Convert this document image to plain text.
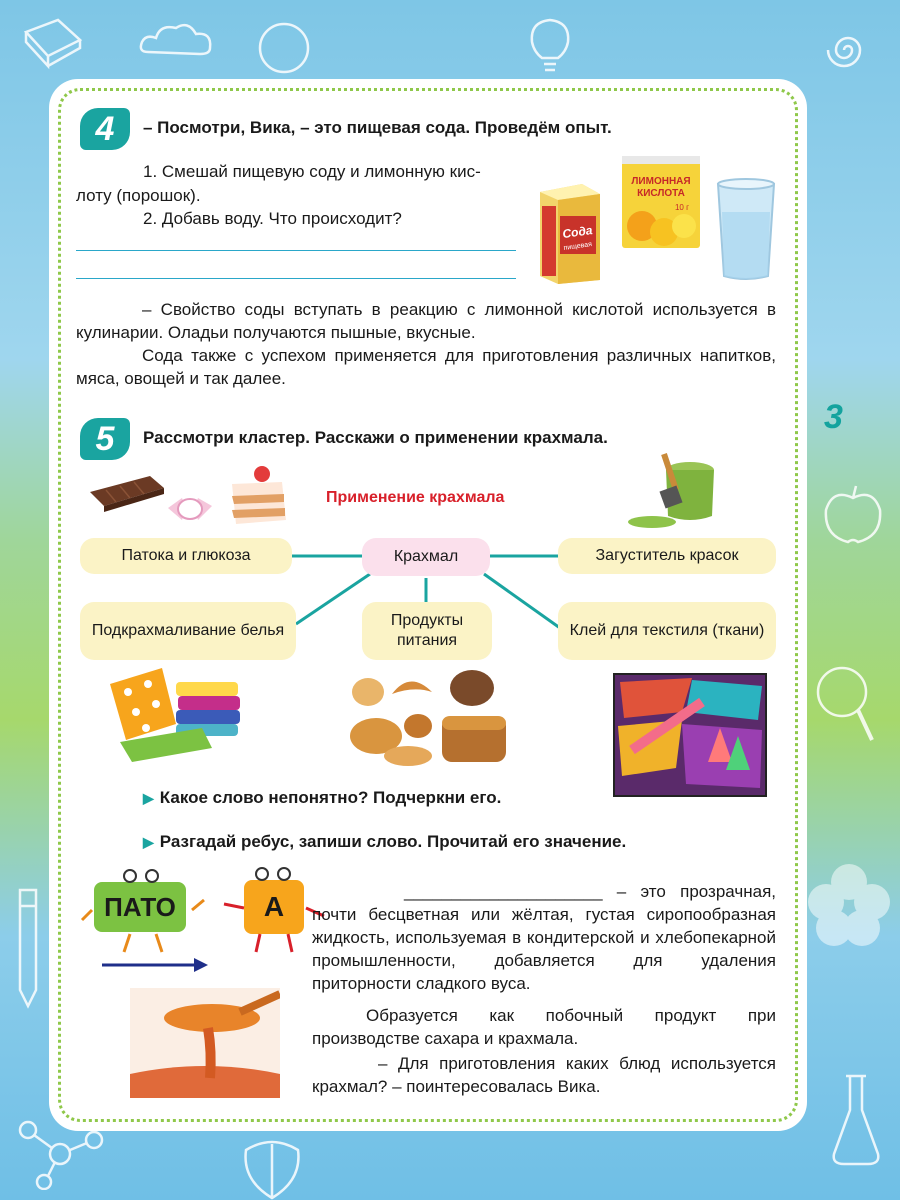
4	– Посмотри, Вика, – это пищевая сода. Проведём опыт.
1. Смешай пищевую соду и лимонную кис-
лоту (порошок).
2. Добавь воду. Что происходит?
Сода
пищевая
ЛИМОННАЯ
КИСЛОТА
10 г
– Свойство соды вступать в реакцию с лимонной кислотой используется в кулинарии. Оладьи получаются пышные, вкусные.
Сода также с успехом применяется для приготовления различных напитков, мяса, овощей и так далее.
3
5	Рассмотри кластер. Расскажи о применении крахмала.
Применение крахмала
Патока и глюкоза	Крахмал	Загуститель красок
Подкрахмаливание белья
Продукты питания
Клей для текстиля (ткани)
▶ Какое слово непонятно? Подчеркни его.
▶ Разгадай ребус, запиши слово. Прочитай его значение.
ПАТО	А	_____________________ – это прозрачная, почти бесцветная или жёлтая, густая сиропообразная жидкость, используемая в кондитерской и хлебопекарной промышленности, добавляется для удаления приторности сладкого вуса.
Образуется как побочный продукт при производстве сахара и крахмала.
– Для приготовления каких блюд используется крахмал? – поинтересовалась Вика.
